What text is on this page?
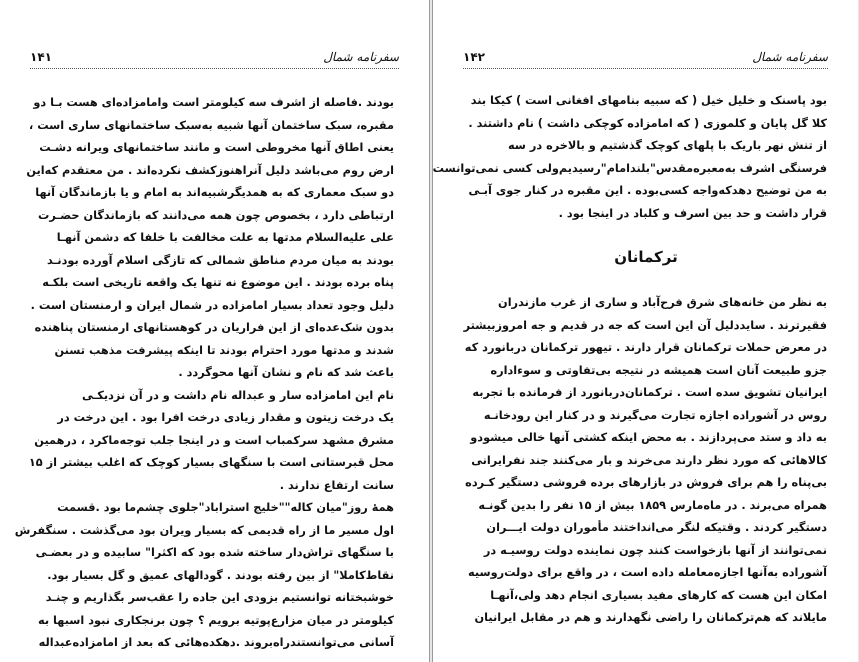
سفرنامه شمال
۱۴۱
بودند .فاصله از اشرف سه کیلومتر است وامامزاده‌ای هست بـا دو
مقبره، سبک ساختمان آنها شبیه به‌سبک ساختمانهای ساری است ،
یعنی اطاق آنها مخروطی است و مانند ساختمانهای ویرانه دشـت
ارض روم می‌باشد دلیل آنرا‌هنوزکشف نکرده‌اند . من معتقدم که‌این
دو سبک معماری که به همدیگرشبیه‌اند به امام و یا بازماندگان آنها
ارتباطی دارد ، بخصوص چون همه می‌دانند که بازماندگان حضـرت
علی علیه‌السلام مدتها به علت مخالفت با خلفا که دشمن آنهـا
بودند به میان مردم مناطق شمالی که تازگی اسلام آورده بودنـد
پناه برده بودند . این موضوع نه تنها یک واقعه تاریخی است بلکـه
دلیل وجود تعداد بسیار امامزاده در شمال ایران و ارمنستان است .
بدون شک‌عده‌ای از این فراریان در کوهستانهای ارمنستان پناهنده
شدند و مدتها مورد احترام بودند تا اینکه پیشرفت مذهب تسنن
باعث شد که نام و نشان آنها محوگردد .
نام این امامزاده سار و عبداله نام داشت و در آن نزدیکـی
یک درخت زیتون و مقدار زیادی درخت افرا بود . این درخت در
مشرق مشهد سرکمباب است و در اینجا جلب توجه‌ماکرد ، درهمین
محل قبرستانی است با سنگهای بسیار کوچک که اغلب بیشتر از ۱۵
سانت ارتفاع ندارند .
همهٔ روز"میان کاله""خلیج استراباد"جلوی چشم‌ما بود .قسمت
اول مسیر ما از راه قدیمی که بسیار ویران بود می‌گذشت . سنگفرش
با سنگهای تراش‌دار ساخته شده بود که اکثرا" سابیده و در بعضـی
نقاط‌کاملا" از بین رفته بودند . گودالهای عمیق و گل بسیار بود.
خوشبختانه توانستیم بزودی این جاده را عقب‌سر بگذاریم و چنـد
کیلومتر در میان مزارع‌پوتیه برویم ؟ چون برنجکاری نبود اسبها به
آسانی می‌توانستندراه‌بروند .دهکده‌هائی که بعد از امامزاده‌عبداله
سفرنامه شمال
۱۴۲
بود پاسنک و خلیل خیل ( که سبیه بنامهای افغانی است ) کیکا بند
کلا گل پایان و کلموزی ( که امامزاده کوچکی داشت ) نام داشتند .
از تنش نهر باریک با پلهای کوچک گذشتیم و بالاخره در سه
فرسنگی اشرف به‌معبره‌مقدس"بلندامام"رسیدیم‌ولی کسی نمی‌توانست
به من توضیح دهدکه‌واجه کسی‌بوده . این مقبره در کنار جوی آبـی
قرار داشت و حد بین اسرف و کلباد در اینجا بود .
ترکمانان
به نظر من خانه‌های شرق فرح‌آباد و ساری از غرب مازندران
فقیرترند . سایددلیل آن این است که جه در قدیم و جه امروزبیشتر
در معرض حملات ترکمانان قرار دارند . تیهور ترکمانان دربانورد که
جزو طبیعت آنان است همیشه در نتیجه بی‌تفاوتی و سوءاداره
ایرانیان تشویق سده است . ترکمانان‌دربانورد از فرمانده با تجربه
روس در آشوراده اجازه تجارت می‌گیرند و در کنار این رودخانـه
به داد و ستد می‌پردازند . به محض اینکه کشتی آنها خالی میشودو
کالاهائی که مورد نظر دارند می‌خرند و بار می‌کنند جند نفرایرانی
بی‌پناه را هم برای فروش در بازارهای برده فروشی دستگیر کـرده
همراه می‌برند . در ماه‌مارس ۱۸۵۹ بیش از ۱۵ نفر را بدین گونـه
دستگیر کردند . وقتیکه لنگر می‌انداختند مأموران دولت ایـــران
نمی‌توانند از آنها بازخواست کنند چون نماینده دولت روسیـه در
آشوراده به‌آنها اجازه‌معامله داده است ، در واقع برای دولت‌روسیه
امکان این هست که کارهای مفید بسیاری انجام دهد ولی،آنهـا
مایلاند که هم‌ترکمانان را راضی نگهدارند و هم در مقابل ایرانیان
